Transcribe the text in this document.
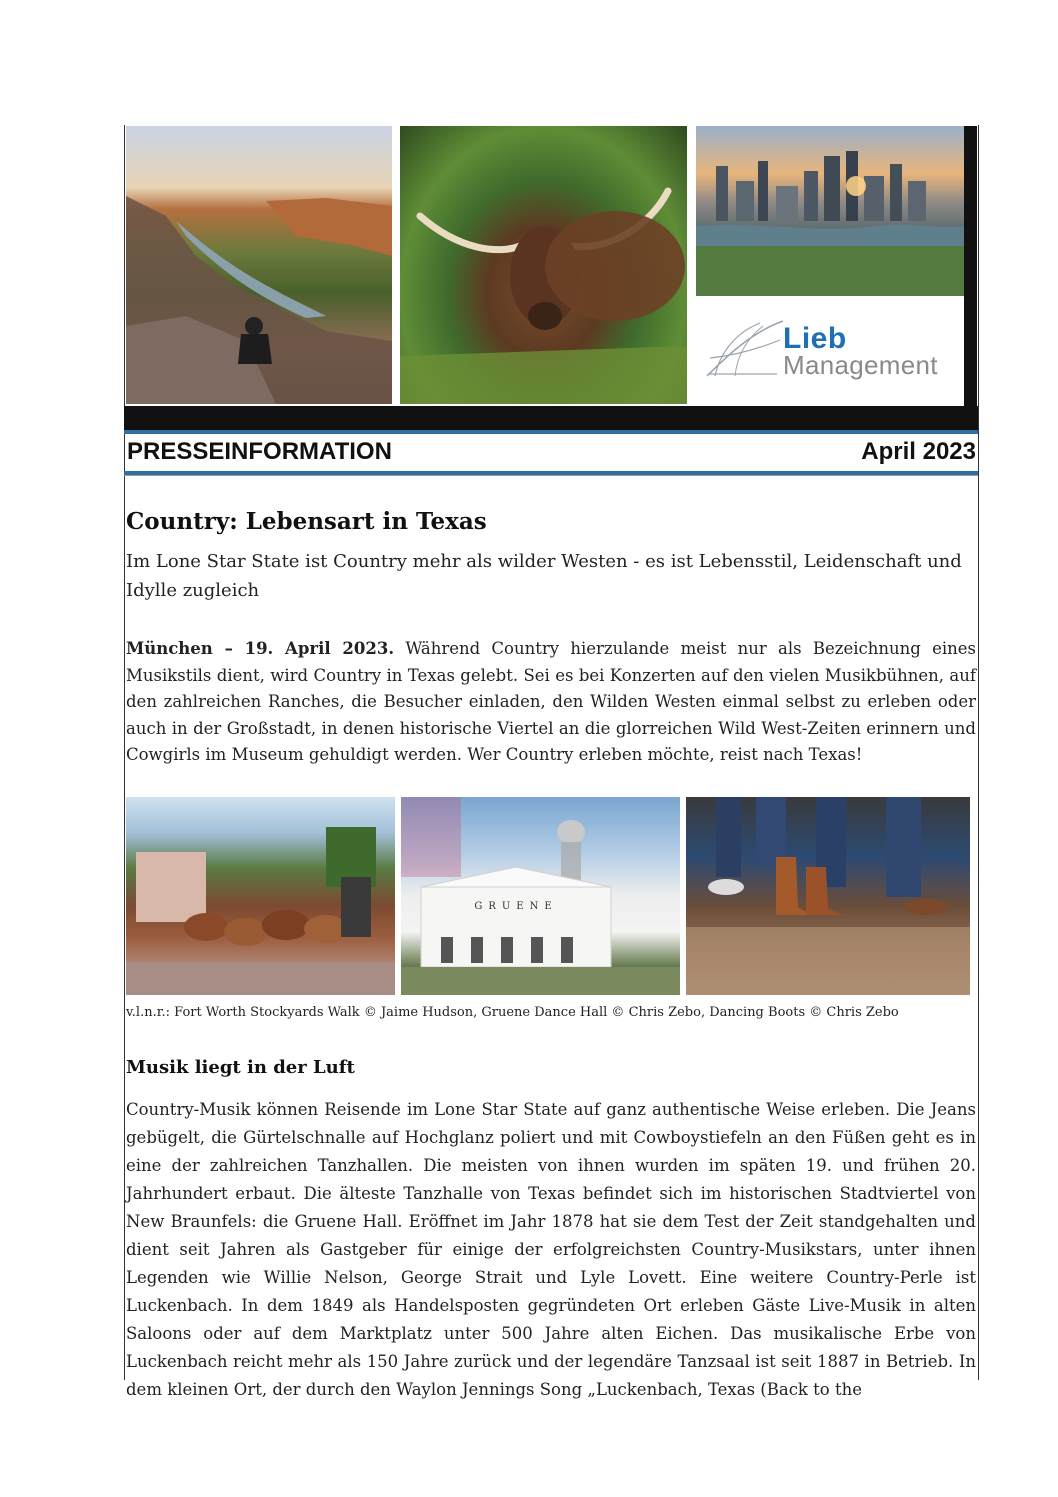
Lieb
Management
PRESSEINFORMATION	April 2023
Country: Lebensart in Texas
Im Lone Star State ist Country mehr als wilder Westen - es ist Lebensstil, Leidenschaft und Idylle zugleich
München – 19. April 2023. Während Country hierzulande meist nur als Bezeichnung eines Musikstils dient, wird Country in Texas gelebt. Sei es bei Konzerten auf den vielen Musikbühnen, auf den zahlreichen Ranches, die Besucher einladen, den Wilden Westen einmal selbst zu erleben oder auch in der Großstadt, in denen historische Viertel an die glorreichen Wild West-Zeiten erinnern und Cowgirls im Museum gehuldigt werden. Wer Country erleben möchte, reist nach Texas!
GRUENE
v.l.n.r.: Fort Worth Stockyards Walk © Jaime Hudson, Gruene Dance Hall © Chris Zebo, Dancing Boots © Chris Zebo
Musik liegt in der Luft
Country-Musik können Reisende im Lone Star State auf ganz authentische Weise erleben. Die Jeans gebügelt, die Gürtelschnalle auf Hochglanz poliert und mit Cowboystiefeln an den Füßen geht es in eine der zahlreichen Tanzhallen. Die meisten von ihnen wurden im späten 19. und frühen 20. Jahrhundert erbaut. Die älteste Tanzhalle von Texas befindet sich im historischen Stadtviertel von New Braunfels: die Gruene Hall. Eröffnet im Jahr 1878 hat sie dem Test der Zeit standgehalten und dient seit Jahren als Gastgeber für einige der erfolgreichsten Country-Musikstars, unter ihnen Legenden wie Willie Nelson, George Strait und Lyle Lovett. Eine weitere Country-Perle ist Luckenbach. In dem 1849 als Handelsposten gegründeten Ort erleben Gäste Live-Musik in alten Saloons oder auf dem Marktplatz unter 500 Jahre alten Eichen. Das musikalische Erbe von Luckenbach reicht mehr als 150 Jahre zurück und der legendäre Tanzsaal ist seit 1887 in Betrieb. In dem kleinen Ort, der durch den Waylon Jennings Song „Luckenbach, Texas (Back to the
